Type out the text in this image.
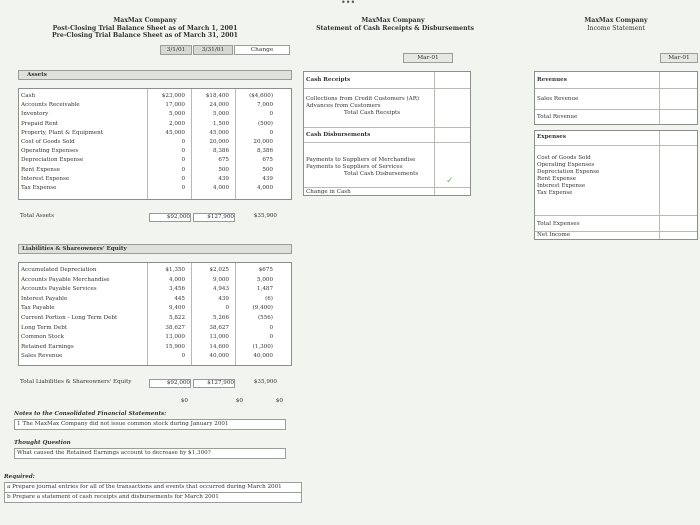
MaxMax Company
Post-Closing Trial Balance Sheet as of March 1, 2001
Pre-Closing Trial Balance Sheet as of March 31, 2001
3/1/01	3/31/01	Change
Assets
Cash	$23,000	$18,400	($4,600)
Accounts Receivable	17,000	24,000	7,000
Inventory	5,000	5,000	0
Prepaid Rent	2,000	1,500	(500)
Property, Plant & Equipment	45,000	45,000	0
Cost of Goods Sold	0	20,000	20,000
Operating Expenses	0	8,386	8,386
Depreciation Expense	0	675	675
Rent Expense	0	500	500
Interest Expense	0	439	439
Tax Expense	0	4,000	4,000
Total Assets	$92,000	$127,900	$35,900
Liabilities & Shareowners' Equity
Accumulated Depreciation	$1,350	$2,025	$675
Accounts Payable Merchandise	4,000	9,000	5,000
Accounts Payable Services	3,456	4,943	1,487
Interest Payable	445	439	(6)
Tax Payable	9,400	0	(9,400)
Current Portion - Long Term Debt	5,822	5,266	(556)
Long Term Debt	38,627	38,627	0
Common Stock	13,000	13,000	0
Retained Earnings	15,900	14,600	(1,300)
Sales Revenue	0	40,000	40,000
Total Liabilities & Shareowners' Equity	$92,000	$127,900	$35,900
$0	$0	$0
Notes to the Consolidated Financial Statements:
1 The MaxMax Company did not issue common stock during January 2001
Thought Question
What caused the Retained Earnings account to decrease by $1,300?
Required:
a Prepare journal entries for all of the transactions and events that occurred during March 2001
b Prepare a statement of cash receipts and disbursements for March 2001
•••
MaxMax Company
Statement of Cash Receipts & Disbursements
Mar-01
Cash Receipts
Collections from Credit Customers (AR)
Advances from Customers
Total Cash Receipts
Cash Disbursements
Payments to Suppliers of Merchandise
Payments to Suppliers of Services
Total Cash Disbursements
Change in Cash
✓
MaxMax Company
Income Statement
Mar-01
Revenues
Sales Revenue
Total Revenue
Expenses
Cost of Goods Sold
Operating Expenses
Depreciation Expense
Rent Expense
Interest Expense
Tax Expense
Total Expenses
Net Income
